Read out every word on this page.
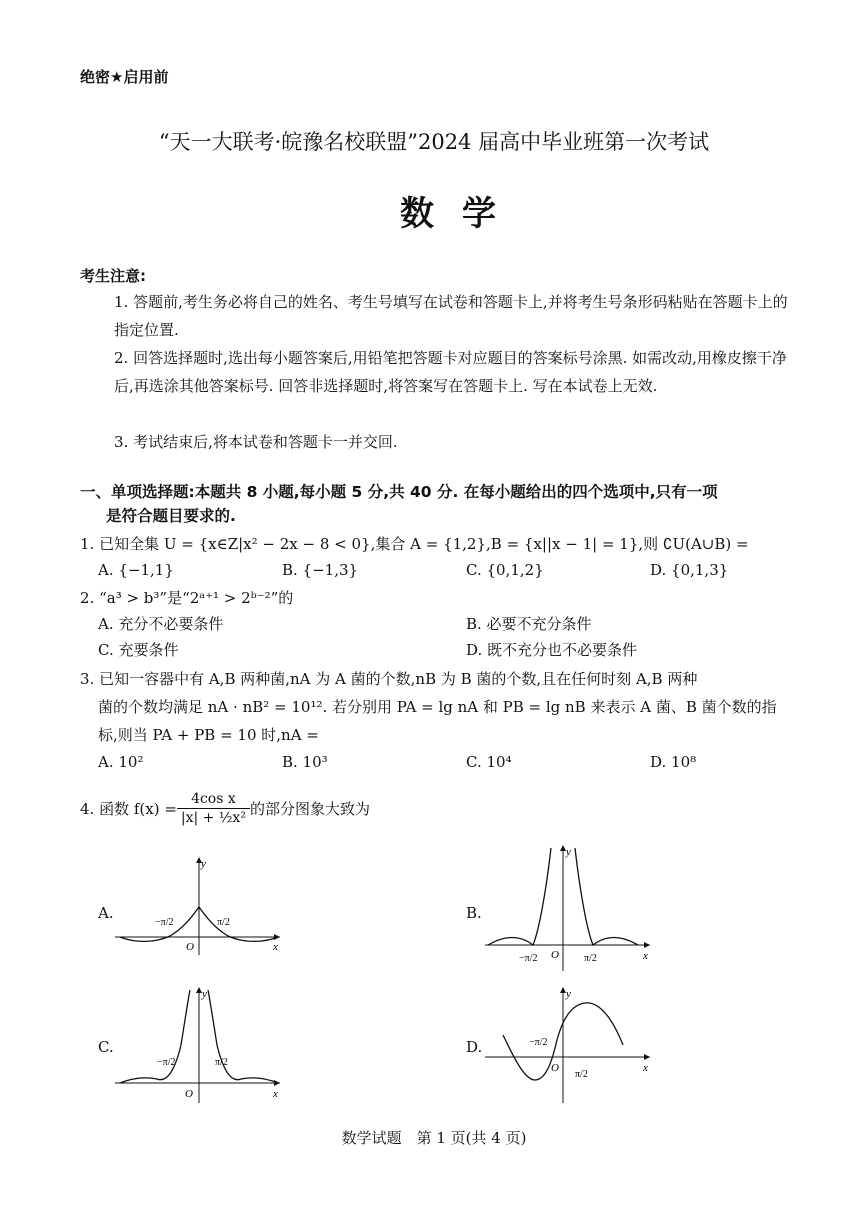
绝密★启用前
“天一大联考·皖豫名校联盟”2024 届高中毕业班第一次考试
数学
考生注意:
1. 答题前,考生务必将自己的姓名、考生号填写在试卷和答题卡上,并将考生号条形码粘贴在答题卡上的指定位置.
2. 回答选择题时,选出每小题答案后,用铅笔把答题卡对应题目的答案标号涂黑. 如需改动,用橡皮擦干净后,再选涂其他答案标号. 回答非选择题时,将答案写在答题卡上. 写在本试卷上无效.
3. 考试结束后,将本试卷和答题卡一并交回.
一、单项选择题:本题共 8 小题,每小题 5 分,共 40 分. 在每小题给出的四个选项中,只有一项
是符合题目要求的.
1. 已知全集 U = {x∈Z|x² − 2x − 8 < 0},集合 A = {1,2},B = {x||x − 1| = 1},则 ∁U(A∪B) =
A. {−1,1}	B. {−1,3}	C. {0,1,2}	D. {0,1,3}
2. “a³ > b³”是“2ᵃ⁺¹ > 2ᵇ⁻²”的
A. 充分不必要条件	B. 必要不充分条件
C. 充要条件	D. 既不充分也不必要条件
3. 已知一容器中有 A,B 两种菌,nA 为 A 菌的个数,nB 为 B 菌的个数,且在任何时刻 A,B 两种
菌的个数均满足 nA · nB² = 10¹². 若分别用 PA = lg nA 和 PB = lg nB 来表示 A 菌、B 菌个数的指
标,则当 PA + PB = 10 时,nA =
A. 10²	B. 10³	C. 10⁴	D. 10⁸
4. 函数 $f(x) = \frac{\text{4cos x}}{\text{|x| + ½x²}}$ 的部分图象大致为
A.	B.
C.	D.
y
x
O
−π/2	π/2
y
x
O
−π/2	π/2
y
x
O
−π/2	π/2
y
x
O
−π/2
π/2
数学试题　第 1 页(共 4 页)
